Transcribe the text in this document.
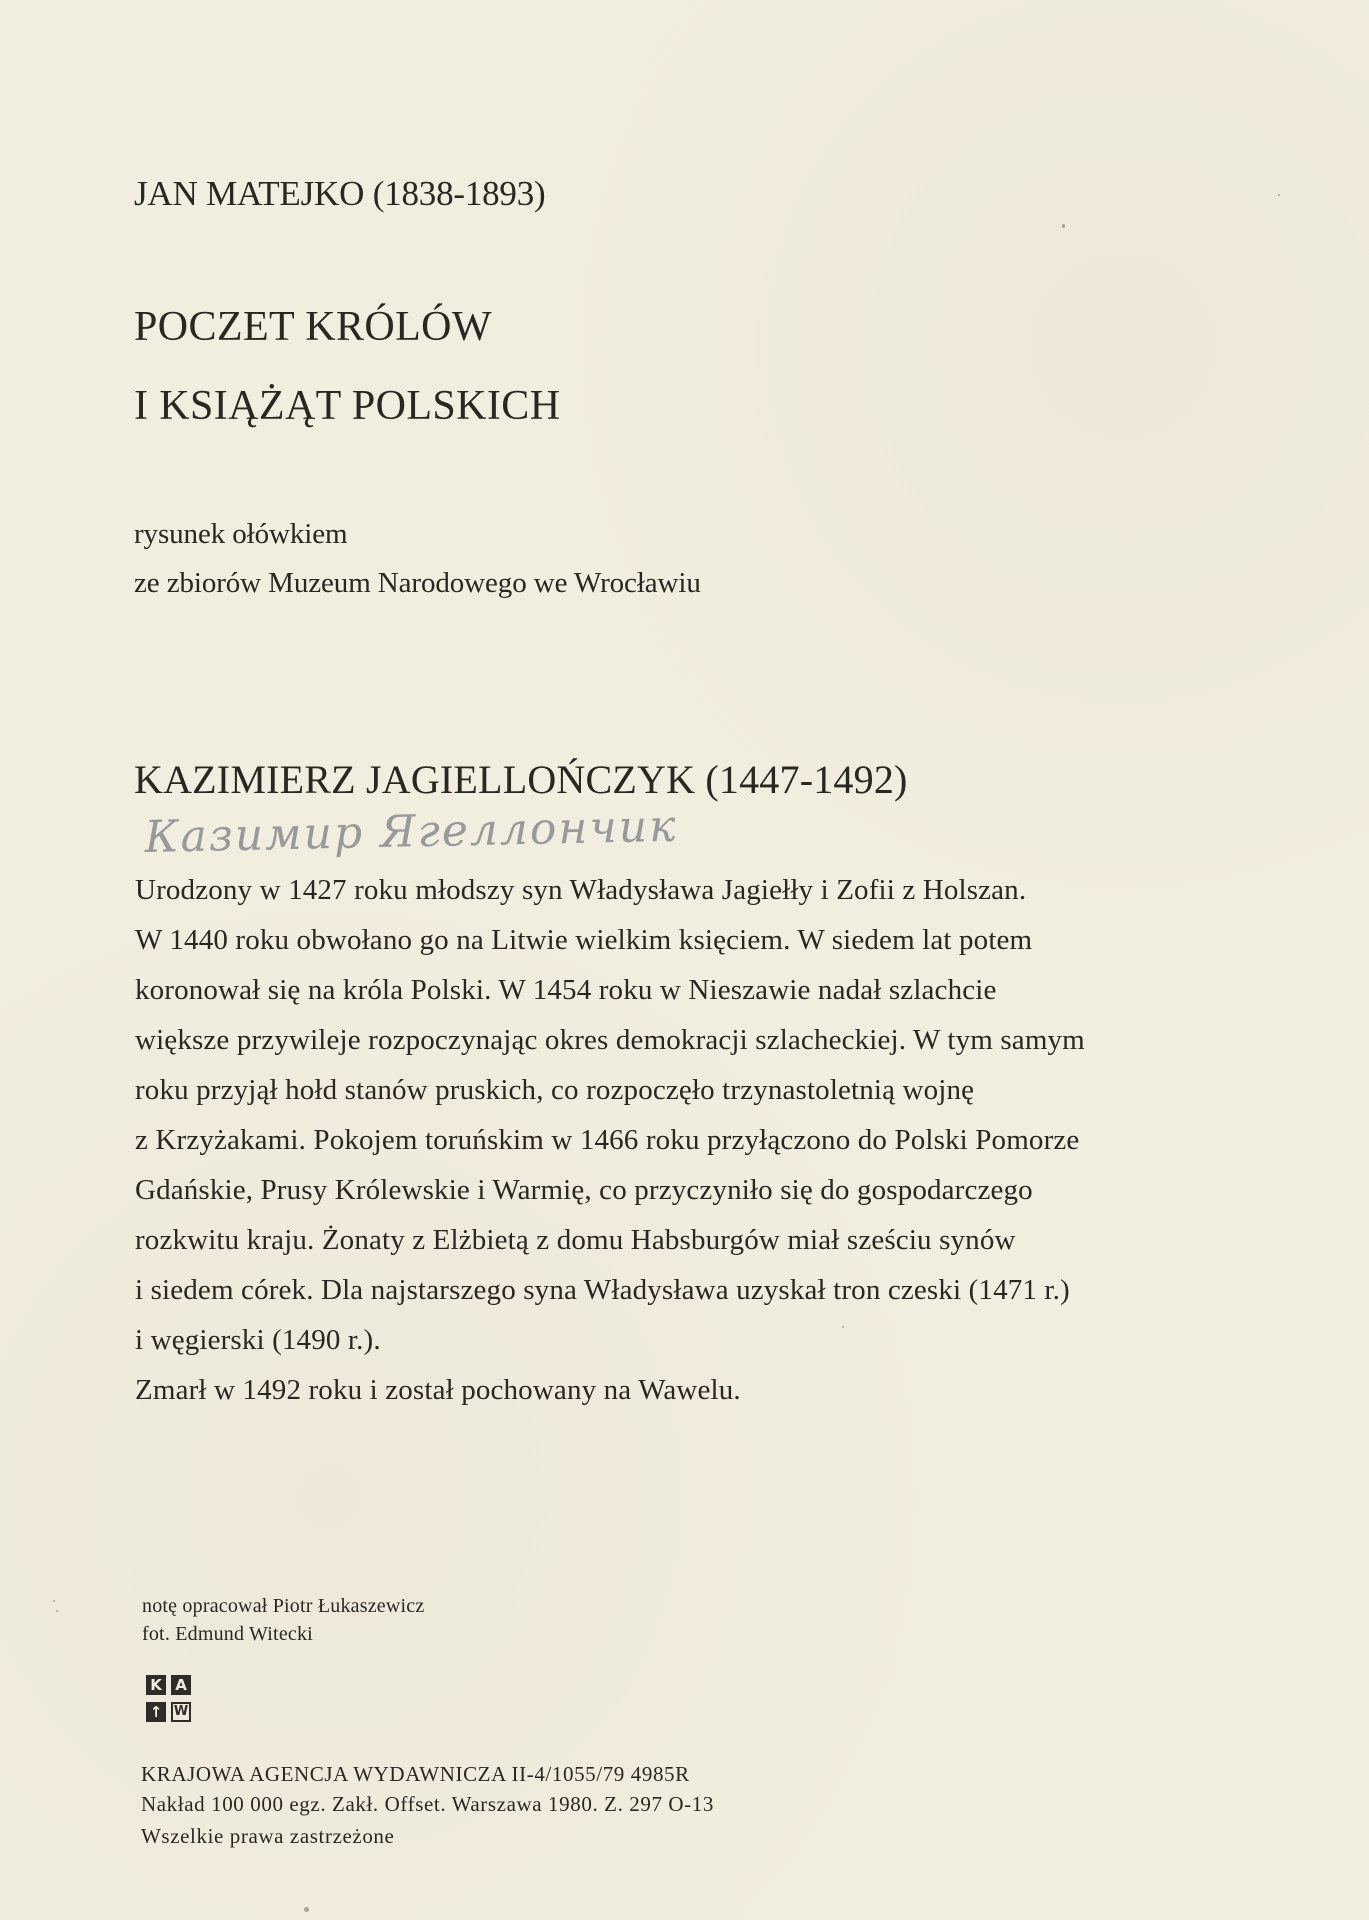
JAN MATEJKO (1838-1893)
POCZET KRÓLÓW
I KSIĄŻĄT POLSKICH
rysunek ołówkiem
ze zbiorów Muzeum Narodowego we Wrocławiu
KAZIMIERZ JAGIELLOŃCZYK (1447-1492)
Казимир Ягеллончик
Urodzony w 1427 roku młodszy syn Władysława Jagiełły i Zofii z Holszan.
W 1440 roku obwołano go na Litwie wielkim księciem. W siedem lat potem
koronował się na króla Polski. W 1454 roku w Nieszawie nadał szlachcie
większe przywileje rozpoczynając okres demokracji szlacheckiej. W tym samym
roku przyjął hołd stanów pruskich, co rozpoczęło trzynastoletnią wojnę
z Krzyżakami. Pokojem toruńskim w 1466 roku przyłączono do Polski Pomorze
Gdańskie, Prusy Królewskie i Warmię, co przyczyniło się do gospodarczego
rozkwitu kraju. Żonaty z Elżbietą z domu Habsburgów miał sześciu synów
i siedem córek. Dla najstarszego syna Władysława uzyskał tron czeski (1471 r.)
i węgierski (1490 r.).
Zmarł w 1492 roku i został pochowany na Wawelu.
notę opracował Piotr Łukaszewicz
fot. Edmund Witecki
K A
↑ W
KRAJOWA AGENCJA WYDAWNICZA II-4/1055/79 4985R
Nakład 100 000 egz. Zakł. Offset. Warszawa 1980. Z. 297 O-13
Wszelkie prawa zastrzeżone
